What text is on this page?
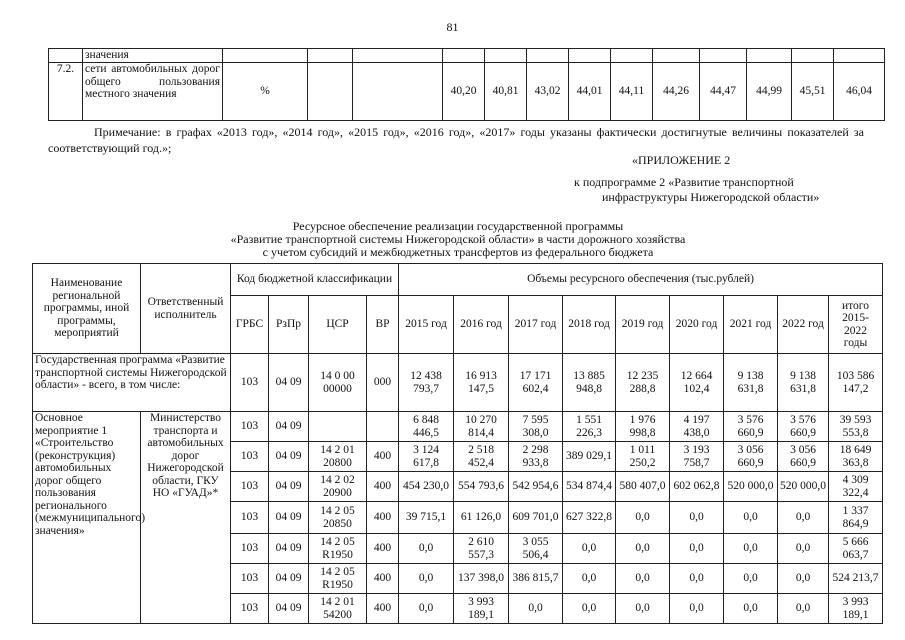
81
	значения													
7.2.	сети автомобильных дорог общего пользования местного значения	%			40,20	40,81	43,02	44,01	44,11	44,26	44,47	44,99	45,51	46,04
Примечание: в графах «2013 год», «2014 год», «2015 год», «2016 год», «2017» годы указаны фактически достигнутые величины показателей за соответствующий год.»;
«ПРИЛОЖЕНИЕ 2
к подпрограмме 2 «Развитие транспортной
инфраструктуры Нижегородской области»
Ресурсное обеспечение реализации государственной программы
«Развитие транспортной системы Нижегородской области» в части дорожного хозяйства
с учетом субсидий и межбюджетных трансфертов из федерального бюджета
Наименование региональной программы, иной программы, мероприятий	Ответственный исполнитель	Код бюджетной классификации				Объемы ресурсного обеспечения (тыс.рублей)								
		ГРБС	РзПр	ЦСР	ВР	2015 год	2016 год	2017 год	2018 год	2019 год	2020 год	2021 год	2022 год	итого 2015-2022 годы
Государственная программа «Развитие транспортной системы Нижегородской области» - всего, в том числе:		103	04 09	14 0 00 00000	000	12 438 793,7	16 913 147,5	17 171 602,4	13 885 948,8	12 235 288,8	12 664 102,4	9 138 631,8	9 138 631,8	103 586 147,2
Основное мероприятие 1 «Строительство (реконструкция) автомобильных дорог общего пользования регионального (межмуниципального) значения»	Министерство транспорта и автомобильных дорог Нижегородской области, ГКУ НО «ГУАД»*	103	04 09			6 848 446,5	10 270 814,4	7 595 308,0	1 551 226,3	1 976 998,8	4 197 438,0	3 576 660,9	3 576 660,9	39 593 553,8
		103	04 09	14 2 01 20800	400	3 124 617,8	2 518 452,4	2 298 933,8	389 029,1	1 011 250,2	3 193 758,7	3 056 660,9	3 056 660,9	18 649 363,8
		103	04 09	14 2 02 20900	400	454 230,0	554 793,6	542 954,6	534 874,4	580 407,0	602 062,8	520 000,0	520 000,0	4 309 322,4
		103	04 09	14 2 05 20850	400	39 715,1	61 126,0	609 701,0	627 322,8	0,0	0,0	0,0	0,0	1 337 864,9
		103	04 09	14 2 05 R1950	400	0,0	2 610 557,3	3 055 506,4	0,0	0,0	0,0	0,0	0,0	5 666 063,7
		103	04 09	14 2 05 R1950	400	0,0	137 398,0	386 815,7	0,0	0,0	0,0	0,0	0,0	524 213,7
		103	04 09	14 2 01 54200	400	0,0	3 993 189,1	0,0	0,0	0,0	0,0	0,0	0,0	3 993 189,1
